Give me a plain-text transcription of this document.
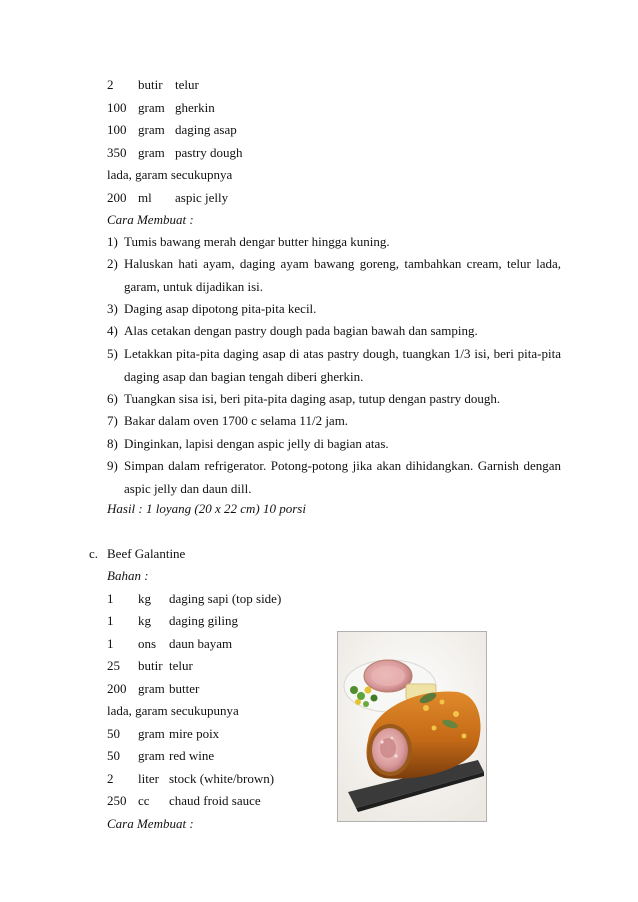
2 butir telur
100 gram gherkin
100 gram daging asap
350 gram pastry dough
lada, garam secukupnya
200 ml aspic jelly
Cara Membuat :
1) Tumis bawang merah dengar butter hingga kuning.
2) Haluskan hati ayam, daging ayam bawang goreng, tambahkan cream, telur lada, garam, untuk dijadikan isi.
3) Daging asap dipotong pita-pita kecil.
4) Alas cetakan dengan pastry dough pada bagian bawah dan samping.
5) Letakkan pita-pita daging asap di atas pastry dough, tuangkan 1/3 isi, beri pita-pita daging asap dan bagian tengah diberi gherkin.
6) Tuangkan sisa isi, beri pita-pita daging asap, tutup dengan pastry dough.
7) Bakar dalam oven 1700 c selama 11/2 jam.
8) Dinginkan, lapisi dengan aspic jelly di bagian atas.
9) Simpan dalam refrigerator. Potong-potong jika akan dihidangkan. Garnish dengan aspic jelly dan daun dill.
Hasil : 1 loyang (20 x 22 cm) 10 porsi
c. Beef Galantine
Bahan :
1 kg daging sapi (top side)
1 kg daging giling
1 ons daun bayam
25 butir telur
200 gram butter
lada, garam secukupunya
50 gram mire poix
50 gram red wine
2 liter stock (white/brown)
250 cc chaud froid sauce
Cara Membuat :
